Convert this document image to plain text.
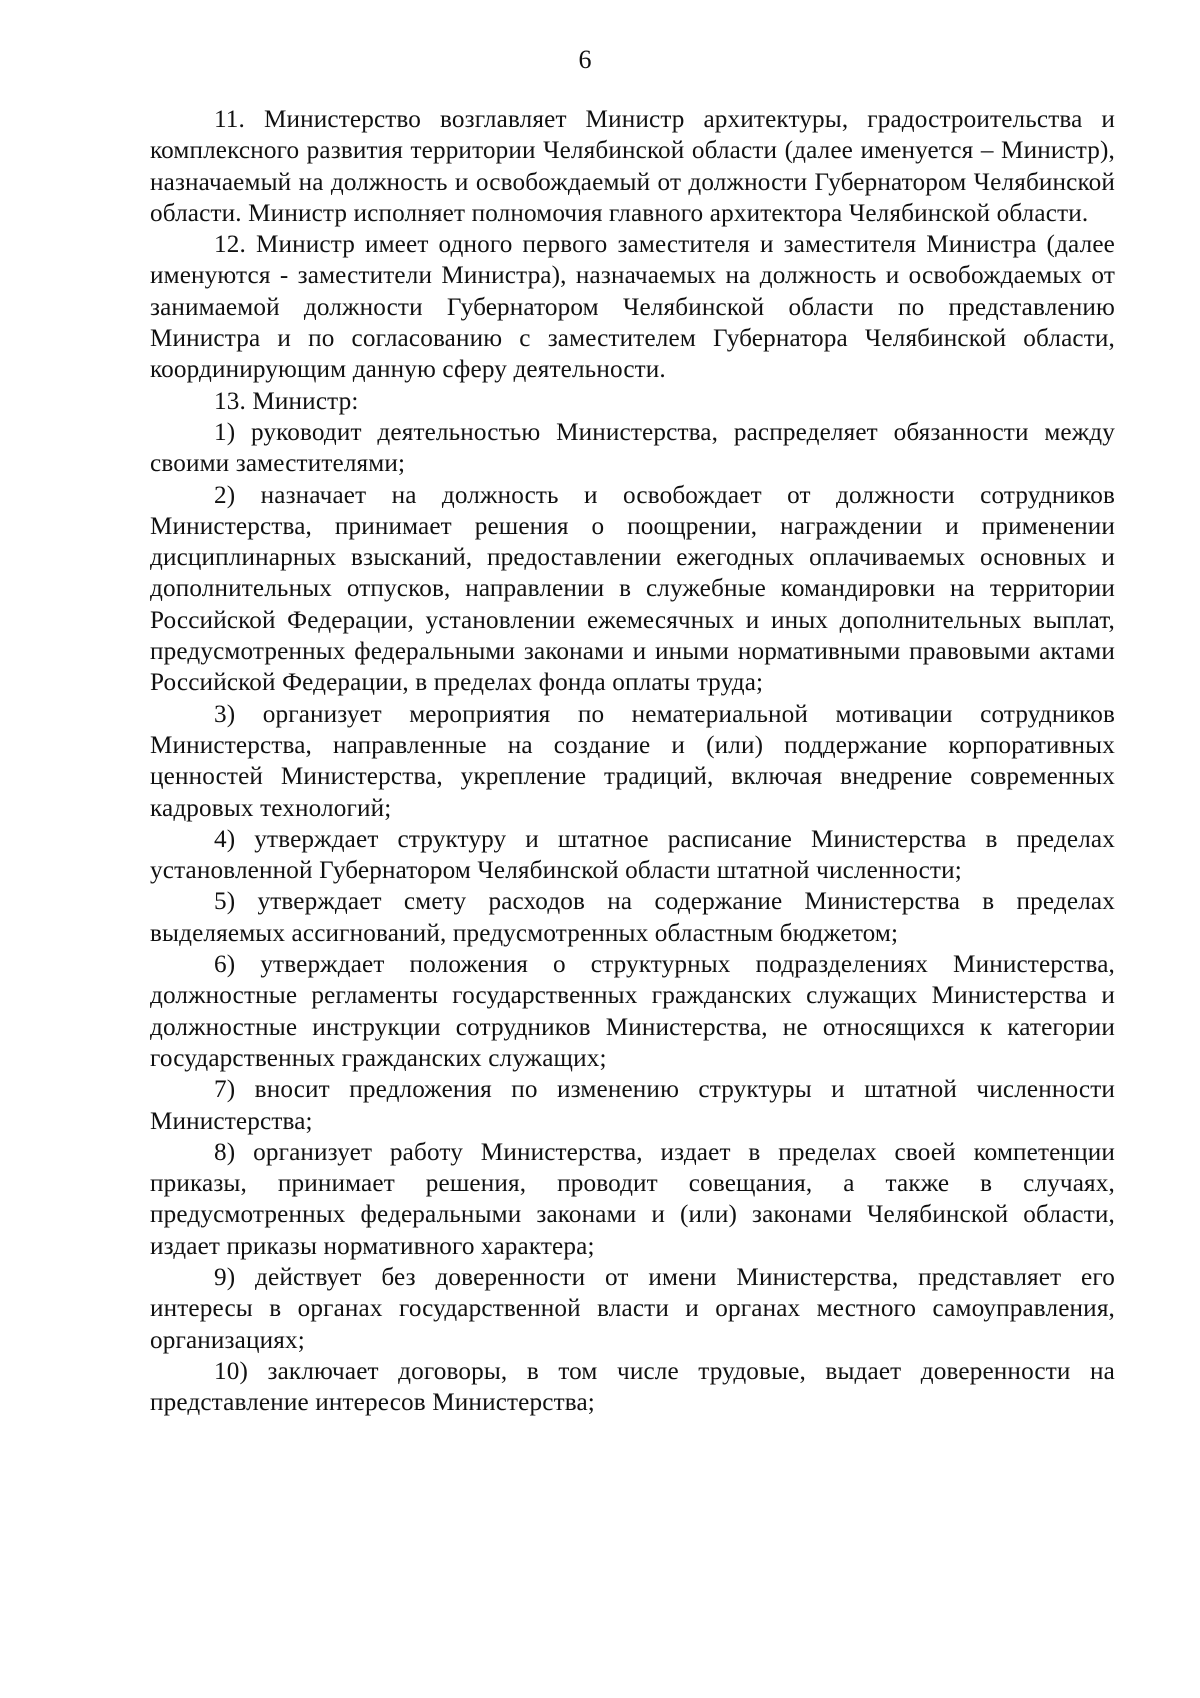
6

11. Министерство возглавляет Министр архитектуры, градостроительства и комплексного развития территории Челябинской области (далее именуется – Министр), назначаемый на должность и освобождаемый от должности Губернатором Челябинской области. Министр исполняет полномочия главного архитектора Челябинской области.

12. Министр имеет одного первого заместителя и заместителя Министра (далее именуются - заместители Министра), назначаемых на должность и освобождаемых от занимаемой должности Губернатором Челябинской области по представлению Министра и по согласованию с заместителем Губернатора Челябинской области, координирующим данную сферу деятельности.

13. Министр:

1) руководит деятельностью Министерства, распределяет обязанности между своими заместителями;

2) назначает на должность и освобождает от должности сотрудников Министерства, принимает решения о поощрении, награждении и применении дисциплинарных взысканий, предоставлении ежегодных оплачиваемых основных и дополнительных отпусков, направлении в служебные командировки на территории Российской Федерации, установлении ежемесячных и иных дополнительных выплат, предусмотренных федеральными законами и иными нормативными правовыми актами Российской Федерации, в пределах фонда оплаты труда;

3) организует мероприятия по нематериальной мотивации сотрудников Министерства, направленные на создание и (или) поддержание корпоративных ценностей Министерства, укрепление традиций, включая внедрение современных кадровых технологий;

4) утверждает структуру и штатное расписание Министерства в пределах установленной Губернатором Челябинской области штатной численности;

5) утверждает смету расходов на содержание Министерства в пределах выделяемых ассигнований, предусмотренных областным бюджетом;

6) утверждает положения о структурных подразделениях Министерства, должностные регламенты государственных гражданских служащих Министерства и должностные инструкции сотрудников Министерства, не относящихся к категории государственных гражданских служащих;

7) вносит предложения по изменению структуры и штатной численности Министерства;

8) организует работу Министерства, издает в пределах своей компетенции приказы, принимает решения, проводит совещания, а также в случаях, предусмотренных федеральными законами и (или) законами Челябинской области, издает приказы нормативного характера;

9) действует без доверенности от имени Министерства, представляет его интересы в органах государственной власти и органах местного самоуправления, организациях;

10) заключает договоры, в том числе трудовые, выдает доверенности на представление интересов Министерства;
